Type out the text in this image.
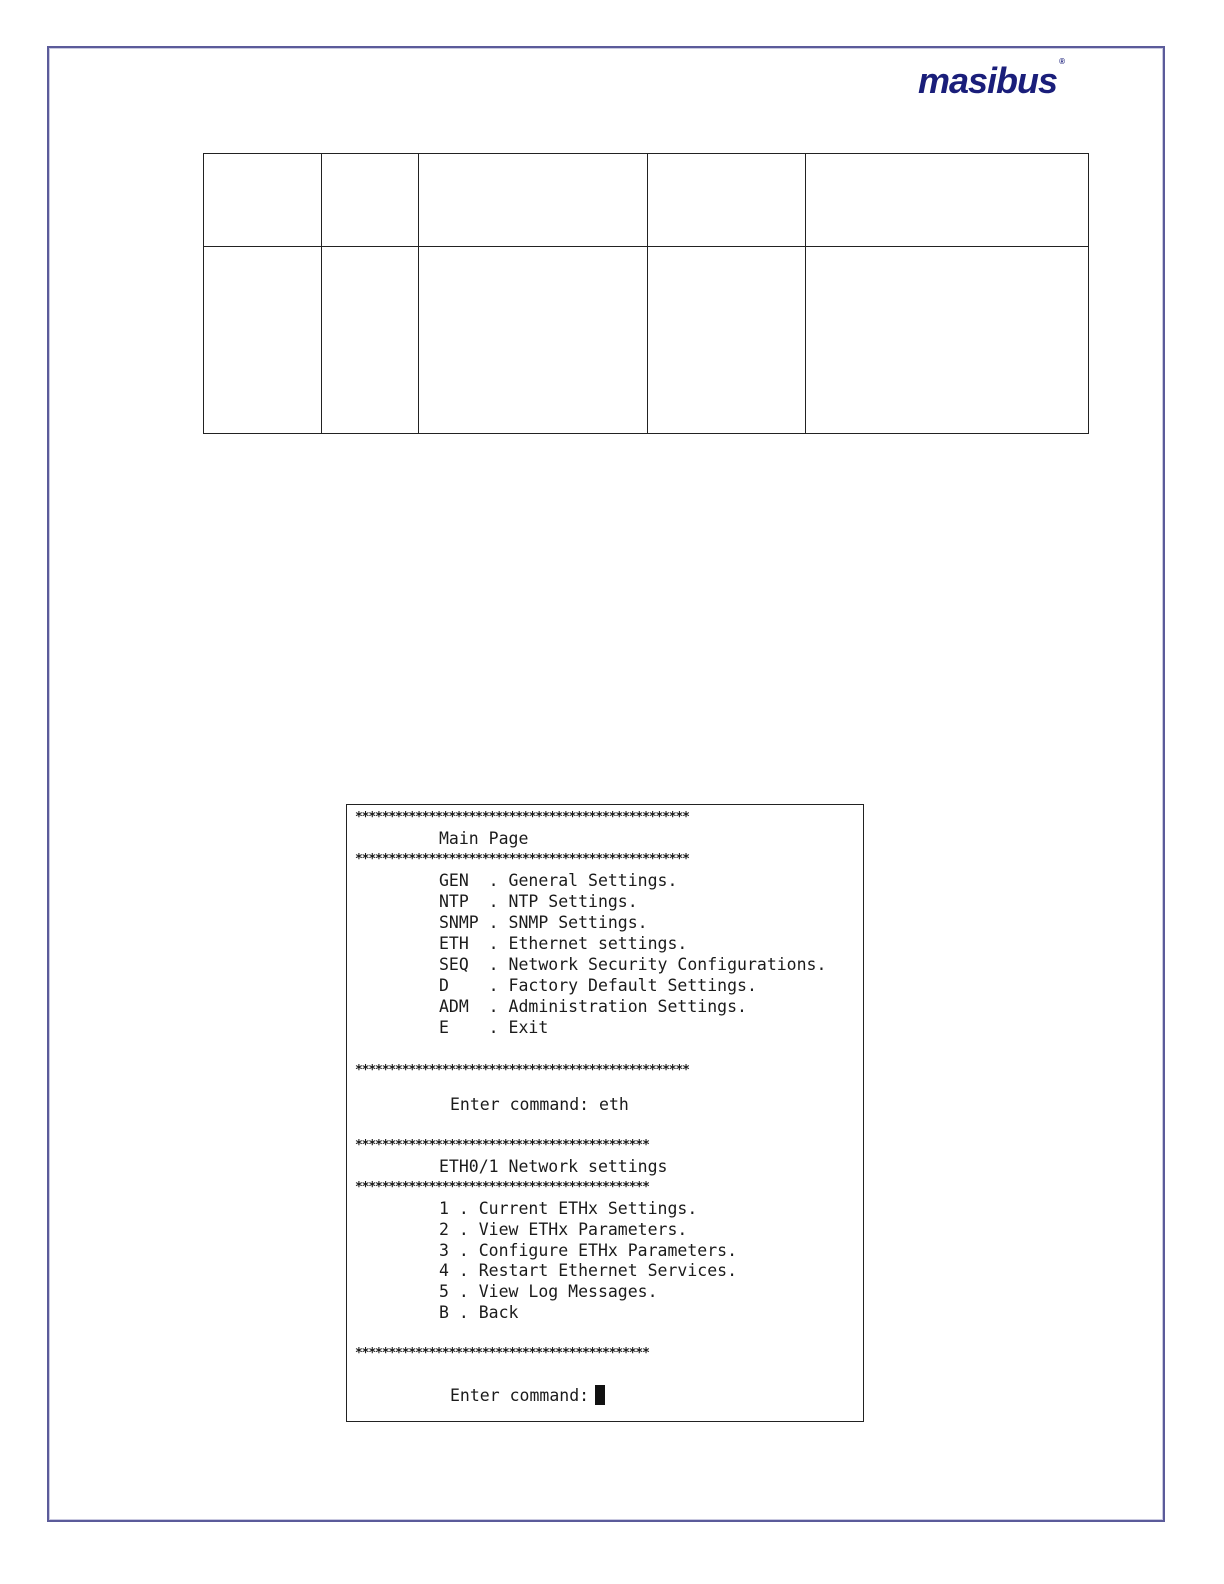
masibus ®

**************************************************
Main Page
**************************************************
GEN  . General Settings.
NTP  . NTP Settings.
SNMP . SNMP Settings.
ETH  . Ethernet settings.
SEQ  . Network Security Configurations.
D    . Factory Default Settings.
ADM  . Administration Settings.
E    . Exit
**************************************************
Enter command: eth
********************************************
ETH0/1 Network settings
********************************************
1 . Current ETHx Settings.
2 . View ETHx Parameters.
3 . Configure ETHx Parameters.
4 . Restart Ethernet Services.
5 . View Log Messages.
B . Back
********************************************
Enter command:
